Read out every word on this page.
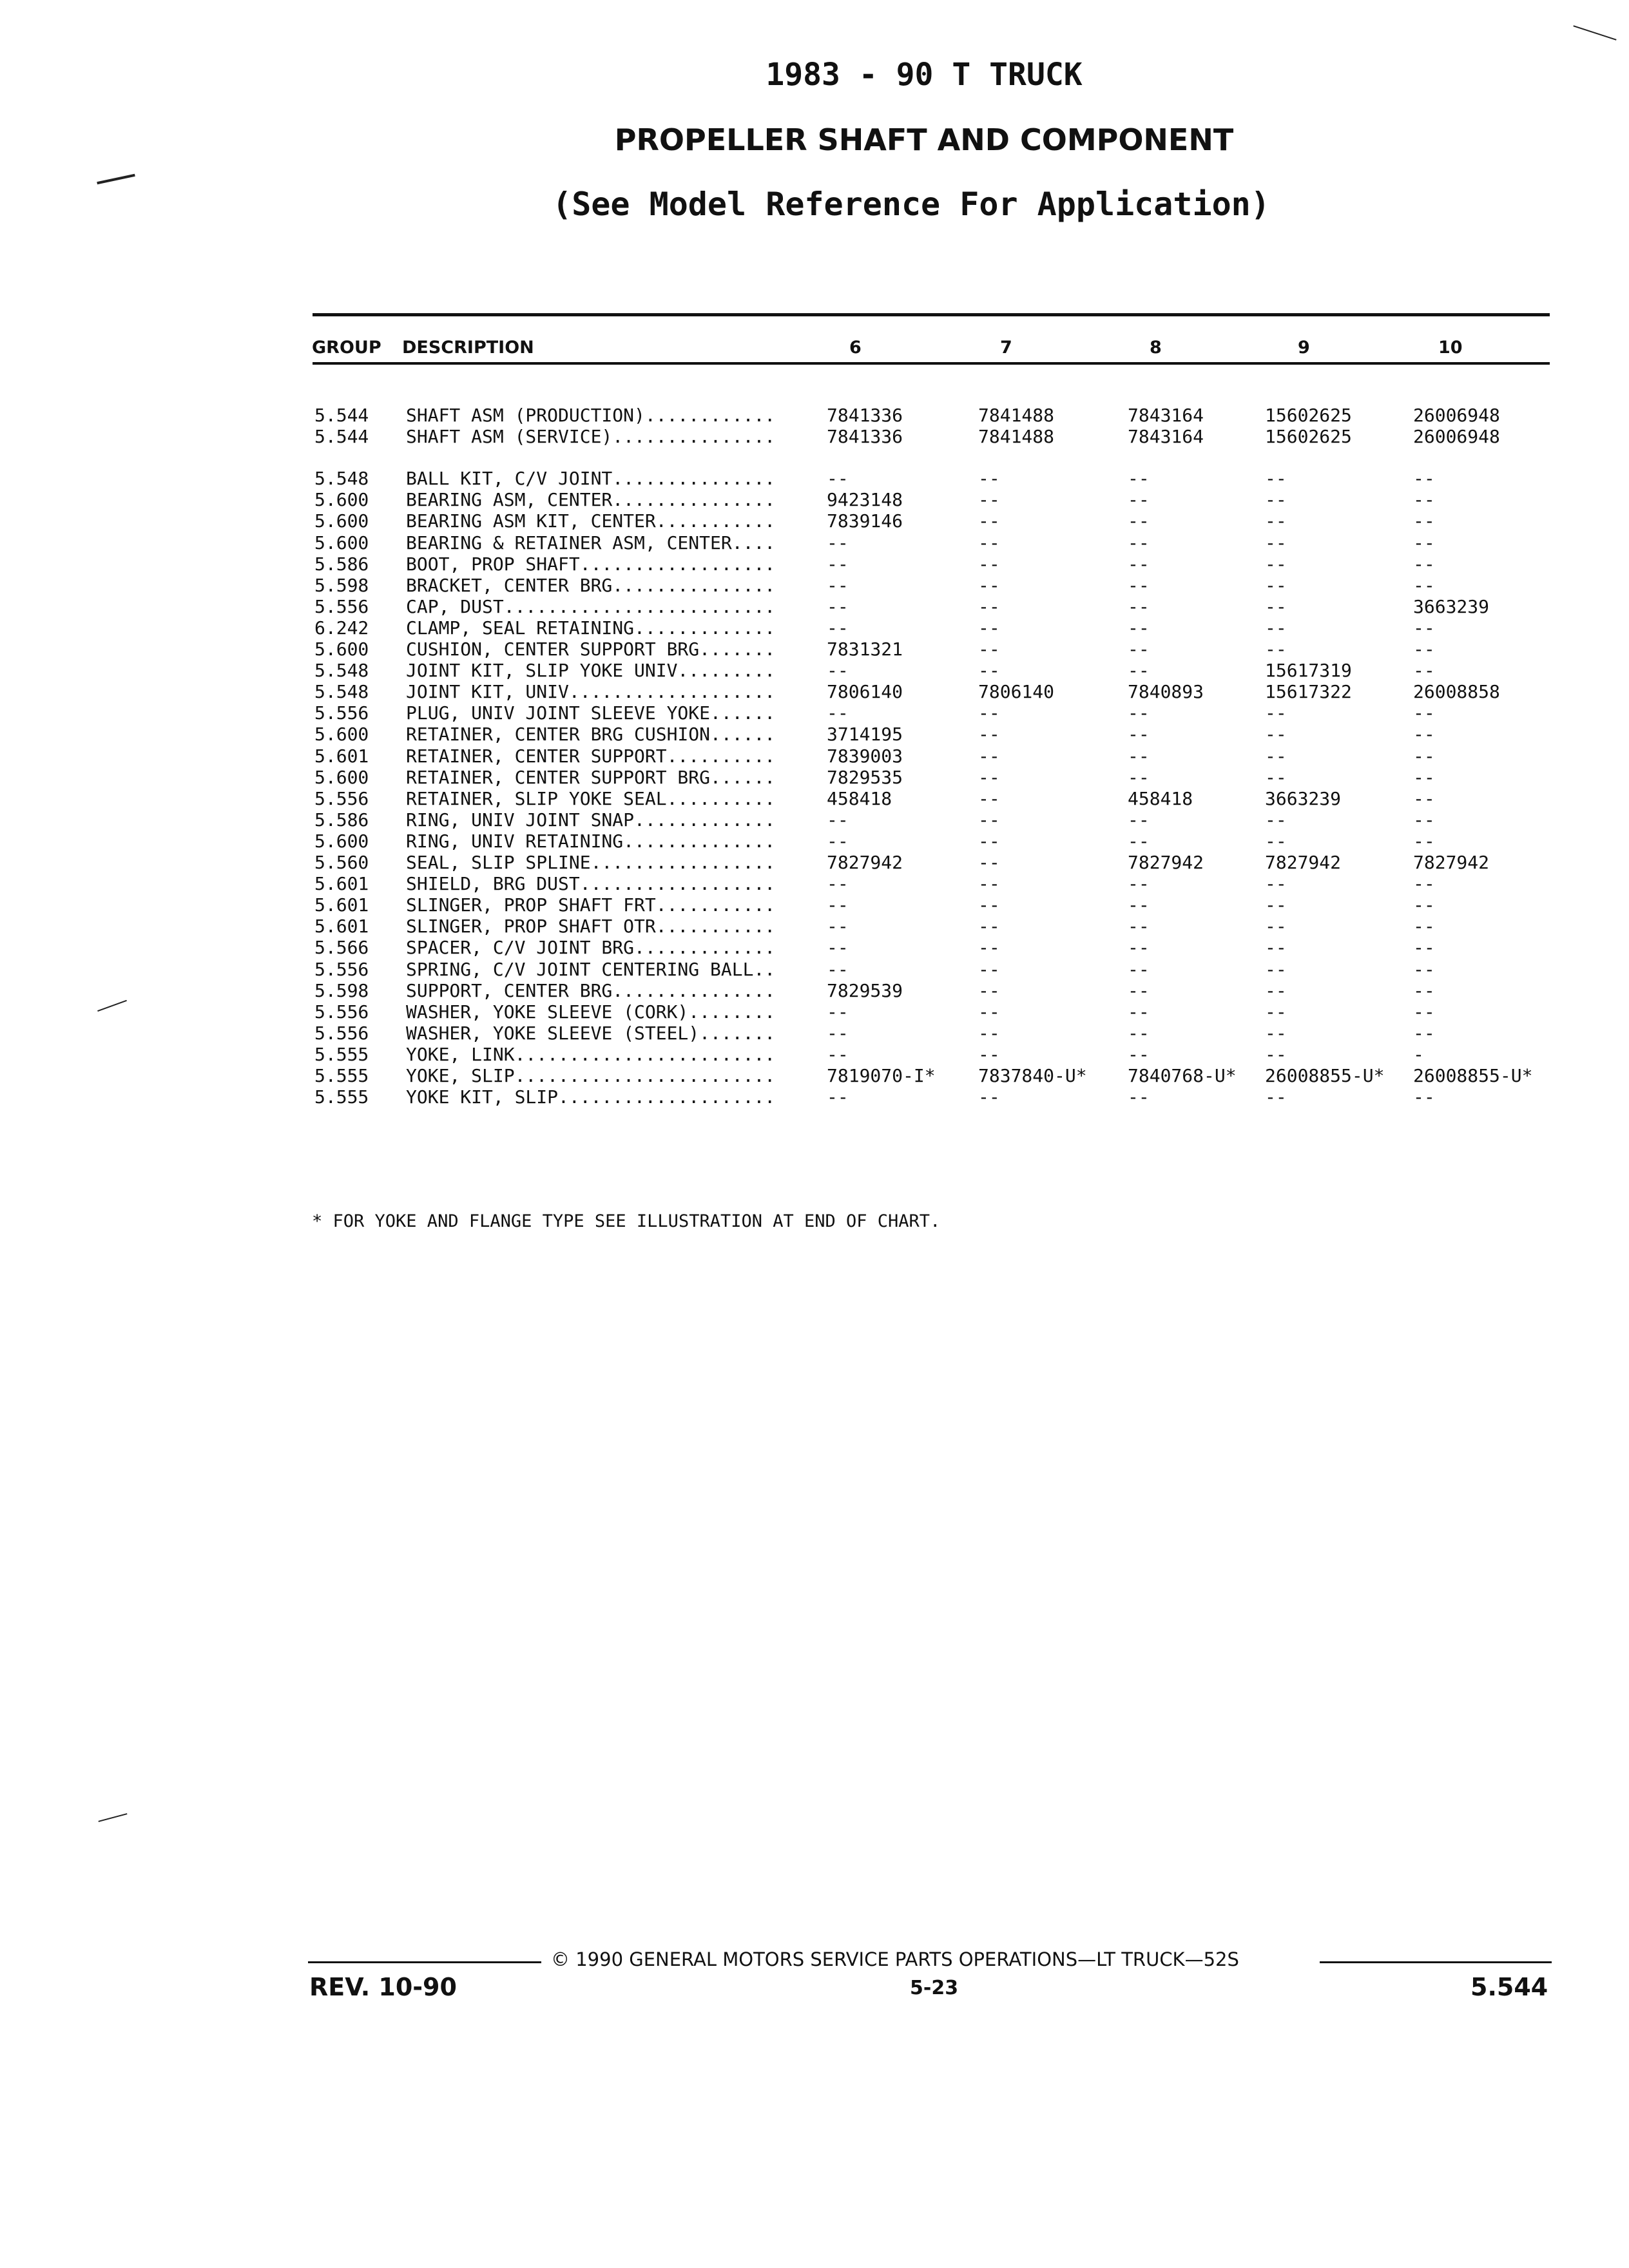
1983 - 90 T TRUCK
PROPELLER SHAFT AND COMPONENT
(See Model Reference For Application)
GROUP DESCRIPTION	6	7	8	9	10
5.544 SHAFT ASM (PRODUCTION)............	7841336	7841488	7843164	15602625	26006948
5.544 SHAFT ASM (SERVICE)...............	7841336	7841488	7843164	15602625	26006948
5.548 BALL KIT, C/V JOINT...............	--	--	--	--	--
5.600 BEARING ASM, CENTER...............	9423148	--	--	--	--
5.600 BEARING ASM KIT, CENTER...........	7839146	--	--	--	--
5.600 BEARING & RETAINER ASM, CENTER....	--	--	--	--	--
5.586 BOOT, PROP SHAFT..................	--	--	--	--	--
5.598 BRACKET, CENTER BRG...............	--	--	--	--	--
5.556 CAP, DUST.........................	--	--	--	--	3663239
6.242 CLAMP, SEAL RETAINING.............	--	--	--	--	--
5.600 CUSHION, CENTER SUPPORT BRG.......	7831321	--	--	--	--
5.548 JOINT KIT, SLIP YOKE UNIV.........	--	--	--	15617319	--
5.548 JOINT KIT, UNIV...................	7806140	7806140	7840893	15617322	26008858
5.556 PLUG, UNIV JOINT SLEEVE YOKE......	--	--	--	--	--
5.600 RETAINER, CENTER BRG CUSHION......	3714195	--	--	--	--
5.601 RETAINER, CENTER SUPPORT..........	7839003	--	--	--	--
5.600 RETAINER, CENTER SUPPORT BRG......	7829535	--	--	--	--
5.556 RETAINER, SLIP YOKE SEAL..........	458418	--	458418	3663239	--
5.586 RING, UNIV JOINT SNAP.............	--	--	--	--	--
5.600 RING, UNIV RETAINING..............	--	--	--	--	--
5.560 SEAL, SLIP SPLINE.................	7827942	--	7827942	7827942	7827942
5.601 SHIELD, BRG DUST..................	--	--	--	--	--
5.601 SLINGER, PROP SHAFT FRT...........	--	--	--	--	--
5.601 SLINGER, PROP SHAFT OTR...........	--	--	--	--	--
5.566 SPACER, C/V JOINT BRG.............	--	--	--	--	--
5.556 SPRING, C/V JOINT CENTERING BALL..	--	--	--	--	--
5.598 SUPPORT, CENTER BRG...............	7829539	--	--	--	--
5.556 WASHER, YOKE SLEEVE (CORK)........	--	--	--	--	--
5.556 WASHER, YOKE SLEEVE (STEEL).......	--	--	--	--	--
5.555 YOKE, LINK........................	--	--	--	--	-
5.555 YOKE, SLIP........................	7819070-I* 7837840-U* 7840768-U* 26008855-U* 26008855-U*
5.555 YOKE KIT, SLIP....................	--	--	--	--	--
* FOR YOKE AND FLANGE TYPE SEE ILLUSTRATION AT END OF CHART.
© 1990 GENERAL MOTORS SERVICE PARTS OPERATIONS—LT TRUCK—52S
REV. 10-90	5-23	5.544
